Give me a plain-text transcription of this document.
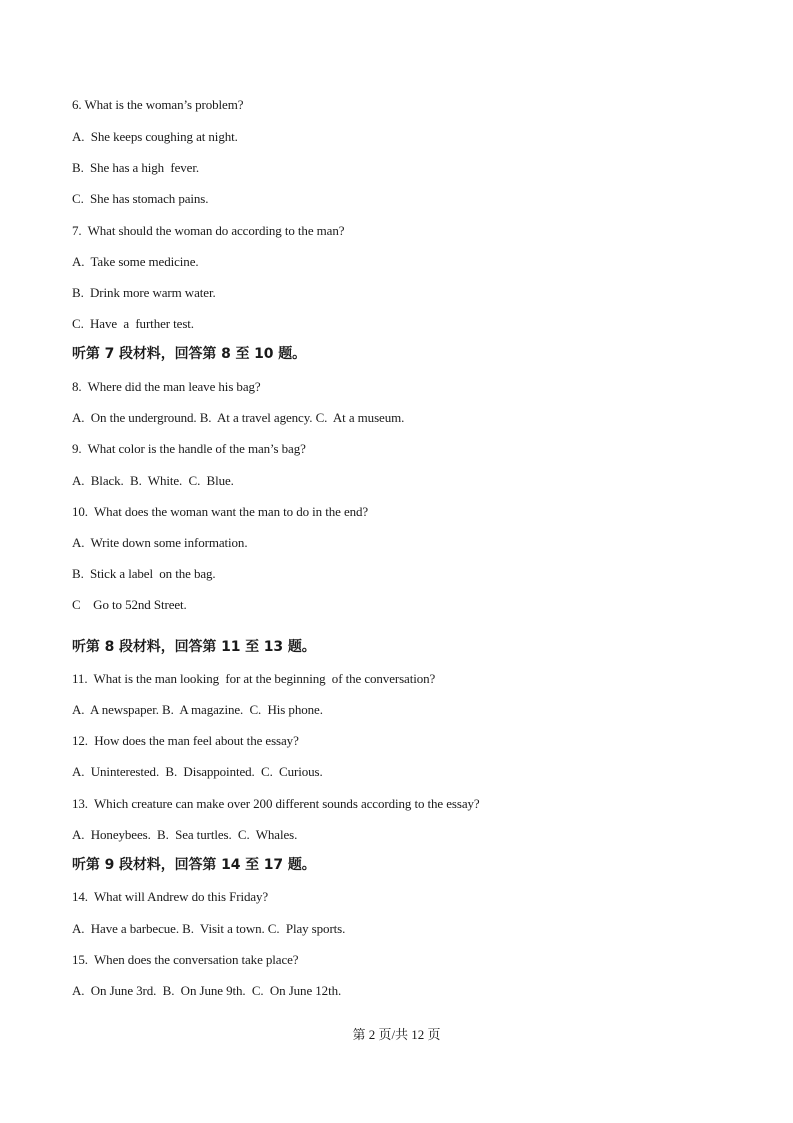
6. What is the woman’s problem?
A.  She keeps coughing at night.
B.  She has a high  fever.
C.  She has stomach pains.
7.  What should the woman do according to the man?
A.  Take some medicine.
B.  Drink more warm water.
C.  Have  a  further test.
听第 7 段材料，回答第 8 至 10 题。
8.  Where did the man leave his bag?
A.  On the underground. B.  At a travel agency. C.  At a museum.
9.  What color is the handle of the man’s bag?
A.  Black.  B.  White.  C.  Blue.
10.  What does the woman want the man to do in the end?
A.  Write down some information.
B.  Stick a label  on the bag.
C    Go to 52nd Street.
听第 8 段材料，回答第 11 至 13 题。
11.  What is the man looking  for at the beginning  of the conversation?
A.  A newspaper. B.  A magazine.  C.  His phone.
12.  How does the man feel about the essay?
A.  Uninterested.  B.  Disappointed.  C.  Curious.
13.  Which creature can make over 200 different sounds according to the essay?
A.  Honeybees.  B.  Sea turtles.  C.  Whales.
听第 9 段材料，回答第 14 至 17 题。
14.  What will Andrew do this Friday?
A.  Have a barbecue. B.  Visit a town. C.  Play sports.
15.  When does the conversation take place?
A.  On June 3rd.  B.  On June 9th.  C.  On June 12th.
第 2 页/共 12 页
